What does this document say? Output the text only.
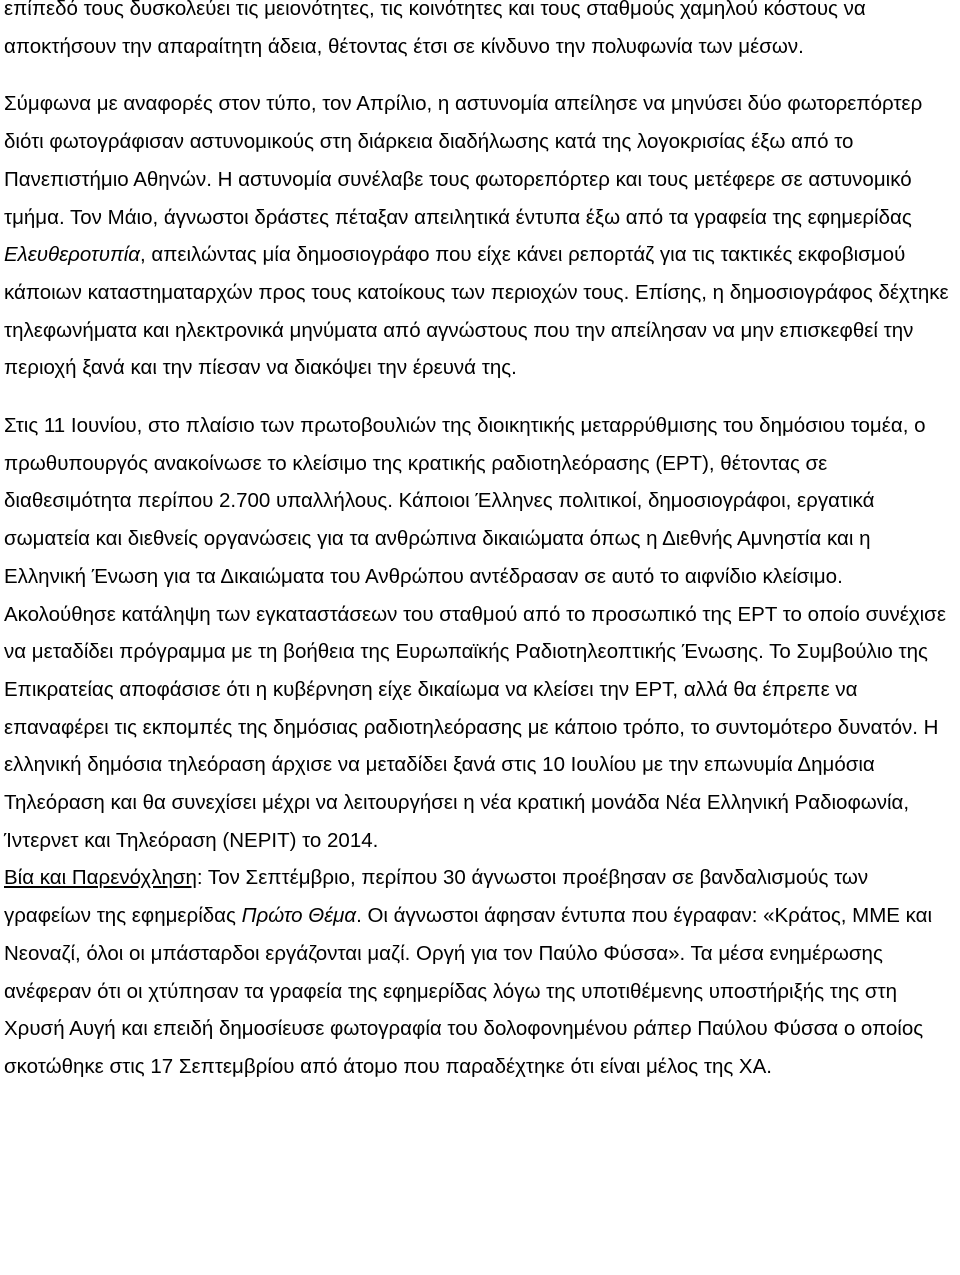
επίπεδό τους δυσκολεύει τις μειονότητες, τις κοινότητες και τους σταθμούς χαμηλού κόστους να αποκτήσουν την απαραίτητη άδεια, θέτοντας έτσι σε κίνδυνο την πολυφωνία των μέσων.

Σύμφωνα με αναφορές στον τύπο, τον Απρίλιο, η αστυνομία απείλησε να μηνύσει δύο φωτορεπόρτερ διότι φωτογράφισαν αστυνομικούς στη διάρκεια διαδήλωσης κατά της λογοκρισίας έξω από το Πανεπιστήμιο Αθηνών. Η αστυνομία συνέλαβε τους φωτορεπόρτερ και τους μετέφερε σε αστυνομικό τμήμα. Τον Μάιο, άγνωστοι δράστες πέταξαν απειλητικά έντυπα έξω από τα γραφεία της εφημερίδας Ελευθεροτυπία, απειλώντας μία δημοσιογράφο που είχε κάνει ρεπορτάζ για τις τακτικές εκφοβισμού κάποιων καταστηματαρχών προς τους κατοίκους των περιοχών τους. Επίσης, η δημοσιογράφος δέχτηκε τηλεφωνήματα και ηλεκτρονικά μηνύματα από αγνώστους που την απείλησαν να μην επισκεφθεί την περιοχή ξανά και την πίεσαν να διακόψει την έρευνά της.

Στις 11 Ιουνίου, στο πλαίσιο των πρωτοβουλιών της διοικητικής μεταρρύθμισης του δημόσιου τομέα, ο πρωθυπουργός ανακοίνωσε το κλείσιμο της κρατικής ραδιοτηλεόρασης (ΕΡΤ), θέτοντας σε διαθεσιμότητα περίπου 2.700 υπαλλήλους. Κάποιοι Έλληνες πολιτικοί, δημοσιογράφοι, εργατικά σωματεία και διεθνείς οργανώσεις για τα ανθρώπινα δικαιώματα όπως η Διεθνής Αμνηστία και η Ελληνική Ένωση για τα Δικαιώματα του Ανθρώπου αντέδρασαν σε αυτό το αιφνίδιο κλείσιμο. Ακολούθησε κατάληψη των εγκαταστάσεων του σταθμού από το προσωπικό της ΕΡΤ το οποίο συνέχισε να μεταδίδει πρόγραμμα με τη βοήθεια της Ευρωπαϊκής Ραδιοτηλεοπτικής Ένωσης. Το Συμβούλιο της Επικρατείας αποφάσισε ότι η κυβέρνηση είχε δικαίωμα να κλείσει την ΕΡΤ, αλλά θα έπρεπε να επαναφέρει τις εκπομπές της δημόσιας ραδιοτηλεόρασης με κάποιο τρόπο, το συντομότερο δυνατόν. Η ελληνική δημόσια τηλεόραση άρχισε να μεταδίδει ξανά στις 10 Ιουλίου με την επωνυμία Δημόσια Τηλεόραση και θα συνεχίσει μέχρι να λειτουργήσει η νέα κρατική μονάδα Νέα Ελληνική Ραδιοφωνία, Ίντερνετ και Τηλεόραση (ΝΕΡΙΤ) το 2014.

Βία και Παρενόχληση: Τον Σεπτέμβριο, περίπου 30 άγνωστοι προέβησαν σε βανδαλισμούς των γραφείων της εφημερίδας Πρώτο Θέμα. Οι άγνωστοι άφησαν έντυπα που έγραφαν: «Κράτος, ΜΜΕ και Νεοναζί, όλοι οι μπάσταρδοι εργάζονται μαζί. Οργή για τον Παύλο Φύσσα». Τα μέσα ενημέρωσης ανέφεραν ότι οι χτύπησαν τα γραφεία της εφημερίδας λόγω της υποτιθέμενης υποστήριξής της στη Χρυσή Αυγή και επειδή δημοσίευσε φωτογραφία του δολοφονημένου ράπερ Παύλου Φύσσα ο οποίος σκοτώθηκε στις 17 Σεπτεμβρίου από άτομο που παραδέχτηκε ότι είναι μέλος της ΧΑ.
